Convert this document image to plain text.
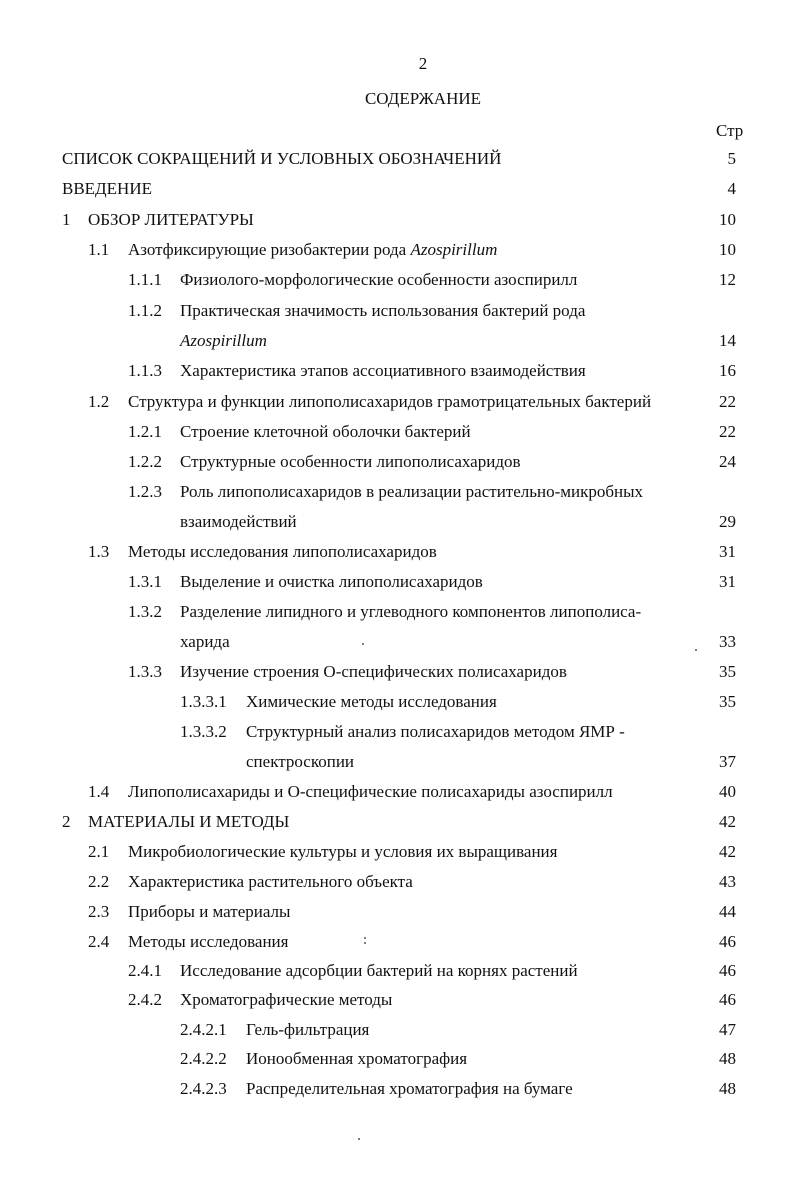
2
СОДЕРЖАНИЕ
Стр
СПИСОК СОКРАЩЕНИЙ И УСЛОВНЫХ ОБОЗНАЧЕНИЙ	5
ВВЕДЕНИЕ	4
1 ОБЗОР ЛИТЕРАТУРЫ	10
1.1 Азотфиксирующие ризобактерии рода Azospirillum	10
1.1.1 Физиолого-морфологические особенности азоспирилл	12
1.1.2 Практическая значимость использования бактерий рода
Azospirillum	14
1.1.3 Характеристика этапов ассоциативного взаимодействия	16
1.2 Структура и функции липополисахаридов грамотрицательных бактерий	22
1.2.1 Строение клеточной оболочки бактерий	22
1.2.2 Структурные особенности липополисахаридов	24
1.2.3 Роль липополисахаридов в реализации растительно-микробных
взаимодействий	29
1.3 Методы исследования липополисахаридов	31
1.3.1 Выделение и очистка липополисахаридов	31
1.3.2 Разделение липидного и углеводного компонентов липополиса-
харида	33
1.3.3 Изучение строения О-специфических полисахаридов	35
1.3.3.1 Химические методы исследования	35
1.3.3.2 Структурный анализ полисахаридов методом ЯМР -
спектроскопии	37
1.4 Липополисахариды и О-специфические полисахариды азоспирилл	40
2 МАТЕРИАЛЫ И МЕТОДЫ	42
2.1 Микробиологические культуры и условия их выращивания	42
2.2 Характеристика растительного объекта	43
2.3 Приборы и материалы	44
2.4 Методы исследования	46
2.4.1 Исследование адсорбции бактерий на корнях растений	46
2.4.2 Хроматографические методы	46
2.4.2.1 Гель-фильтрация	47
2.4.2.2 Ионообменная хроматография	48
2.4.2.3 Распределительная хроматография на бумаге	48
